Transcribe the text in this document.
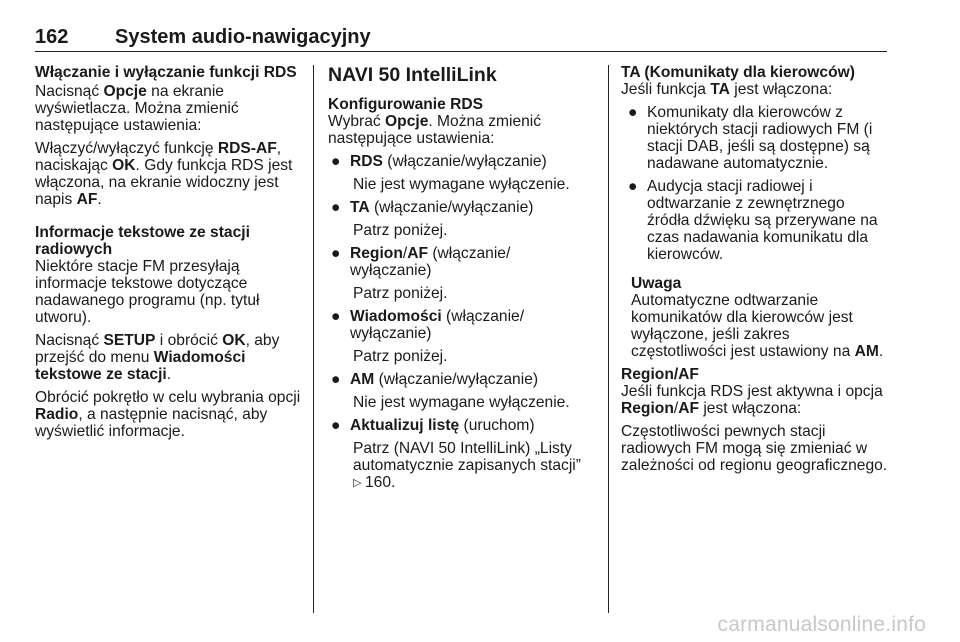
162 System audio-nawigacyjny

Włączanie i wyłączanie funkcji RDS

Nacisnąć Opcje na ekranie wyświetlacza. Można zmienić następujące ustawienia:

Włączyć/wyłączyć funkcję RDS-AF, naciskając OK. Gdy funkcja RDS jest włączona, na ekranie widoczny jest napis AF.

Informacje tekstowe ze stacji radiowych

Niektóre stacje FM przesyłają informacje tekstowe dotyczące nadawanego programu (np. tytuł utworu).

Nacisnąć SETUP i obrócić OK, aby przejść do menu Wiadomości tekstowe ze stacji.

Obrócić pokrętło w celu wybrania opcji Radio, a następnie nacisnąć, aby wyświetlić informacje.

NAVI 50 IntelliLink

Konfigurowanie RDS

Wybrać Opcje. Można zmienić następujące ustawienia:

● RDS (włączanie/wyłączanie)

Nie jest wymagane wyłączenie.

● TA (włączanie/wyłączanie)

Patrz poniżej.

● Region/AF (włączanie/ wyłączanie)

Patrz poniżej.

● Wiadomości (włączanie/ wyłączanie)

Patrz poniżej.

● AM (włączanie/wyłączanie)

Nie jest wymagane wyłączenie.

● Aktualizuj listę (uruchom)

Patrz (NAVI 50 IntelliLink) „Listy automatycznie zapisanych stacji”
▷ 160.

TA (Komunikaty dla kierowców)

Jeśli funkcja TA jest włączona:

● Komunikaty dla kierowców z niektórych stacji radiowych FM (i stacji DAB, jeśli są dostępne) są nadawane automatycznie.
● Audycja stacji radiowej i odtwarzanie z zewnętrznego źródła dźwięku są przerywane na czas nadawania komunikatu dla kierowców.

Uwaga

Automatyczne odtwarzanie komunikatów dla kierowców jest wyłączone, jeśli zakres częstotliwości jest ustawiony na AM.

Region/AF

Jeśli funkcja RDS jest aktywna i opcja Region/AF jest włączona:

Częstotliwości pewnych stacji radiowych FM mogą się zmieniać w zależności od regionu geograficznego.

carmanualsonline.info
